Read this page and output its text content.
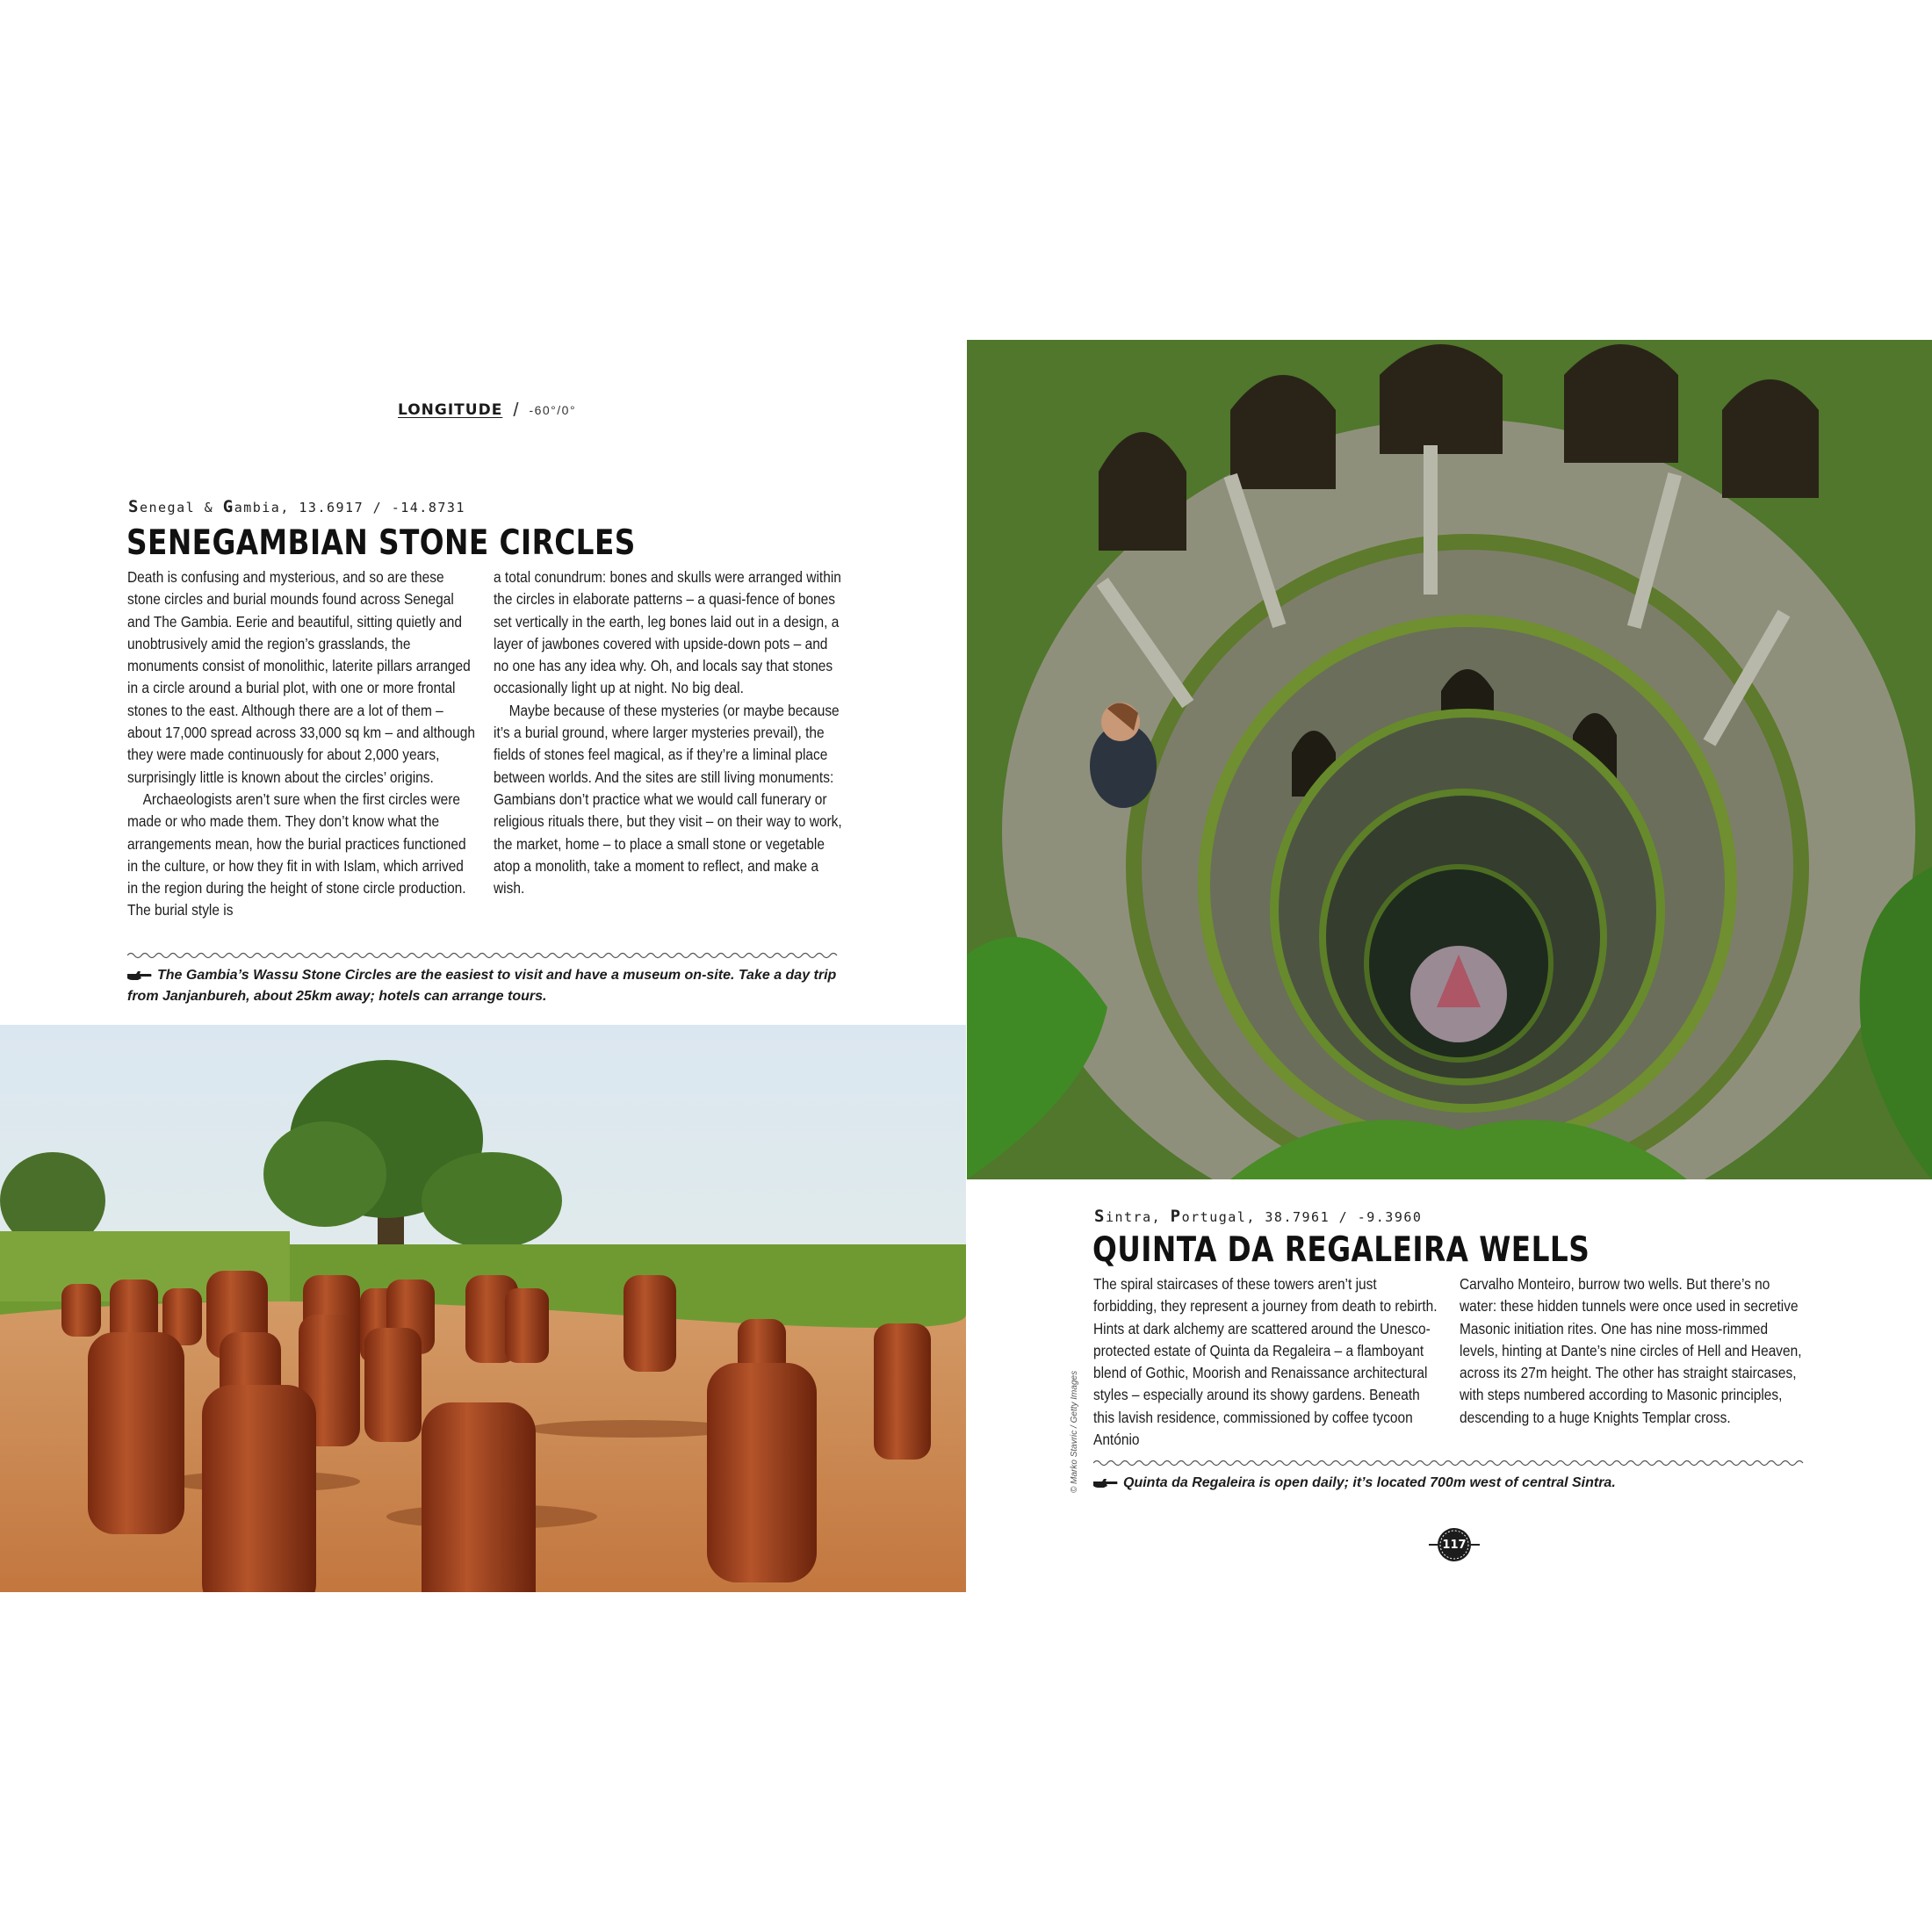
LONGITUDE / -60°/0°
Senegal & Gambia, 13.6917 / -14.8731
SENEGAMBIAN STONE CIRCLES

Death is confusing and mysterious, and so are these stone circles and burial mounds found across Senegal and The Gambia. Eerie and beautiful, sitting quietly and unobtrusively amid the region’s grasslands, the monuments consist of monolithic, laterite pillars arranged in a circle around a burial plot, with one or more frontal stones to the east. Although there are a lot of them – about 17,000 spread across 33,000 sq km – and although they were made continuously for about 2,000 years, surprisingly little is known about the circles’ origins.

Archaeologists aren’t sure when the first circles were made or who made them. They don’t know what the arrangements mean, how the burial practices functioned in the culture, or how they fit in with Islam, which arrived in the region during the height of stone circle production. The burial style is

a total conundrum: bones and skulls were arranged within the circles in elaborate patterns – a quasi-fence of bones set vertically in the earth, leg bones laid out in a design, a layer of jawbones covered with upside-down pots – and no one has any idea why. Oh, and locals say that stones occasionally light up at night. No big deal.

Maybe because of these mysteries (or maybe because it’s a burial ground, where larger mysteries prevail), the fields of stones feel magical, as if they’re a liminal place between worlds. And the sites are still living monuments: Gambians don’t practice what we would call funerary or religious rituals there, but they visit – on their way to work, the market, home – to place a small stone or vegetable atop a monolith, take a moment to reflect, and make a wish.

The Gambia’s Wassu Stone Circles are the easiest to visit and have a museum on-site. Take a day trip from Janjanbureh, about 25km away; hotels can arrange tours.
© Marko Stavric / Getty Images
Sintra, Portugal, 38.7961 / -9.3960
QUINTA DA REGALEIRA WELLS

The spiral staircases of these towers aren’t just forbidding, they represent a journey from death to rebirth. Hints at dark alchemy are scattered around the Unesco-protected estate of Quinta da Regaleira – a flamboyant blend of Gothic, Moorish and Renaissance architectural styles – especially around its showy gardens. Beneath this lavish residence, commissioned by coffee tycoon António

Carvalho Monteiro, burrow two wells. But there’s no water: these hidden tunnels were once used in secretive Masonic initiation rites. One has nine moss-rimmed levels, hinting at Dante’s nine circles of Hell and Heaven, across its 27m height. The other has straight staircases, with steps numbered according to Masonic principles, descending to a huge Knights Templar cross.

Quinta da Regaleira is open daily; it’s located 700m west of central Sintra.
117
